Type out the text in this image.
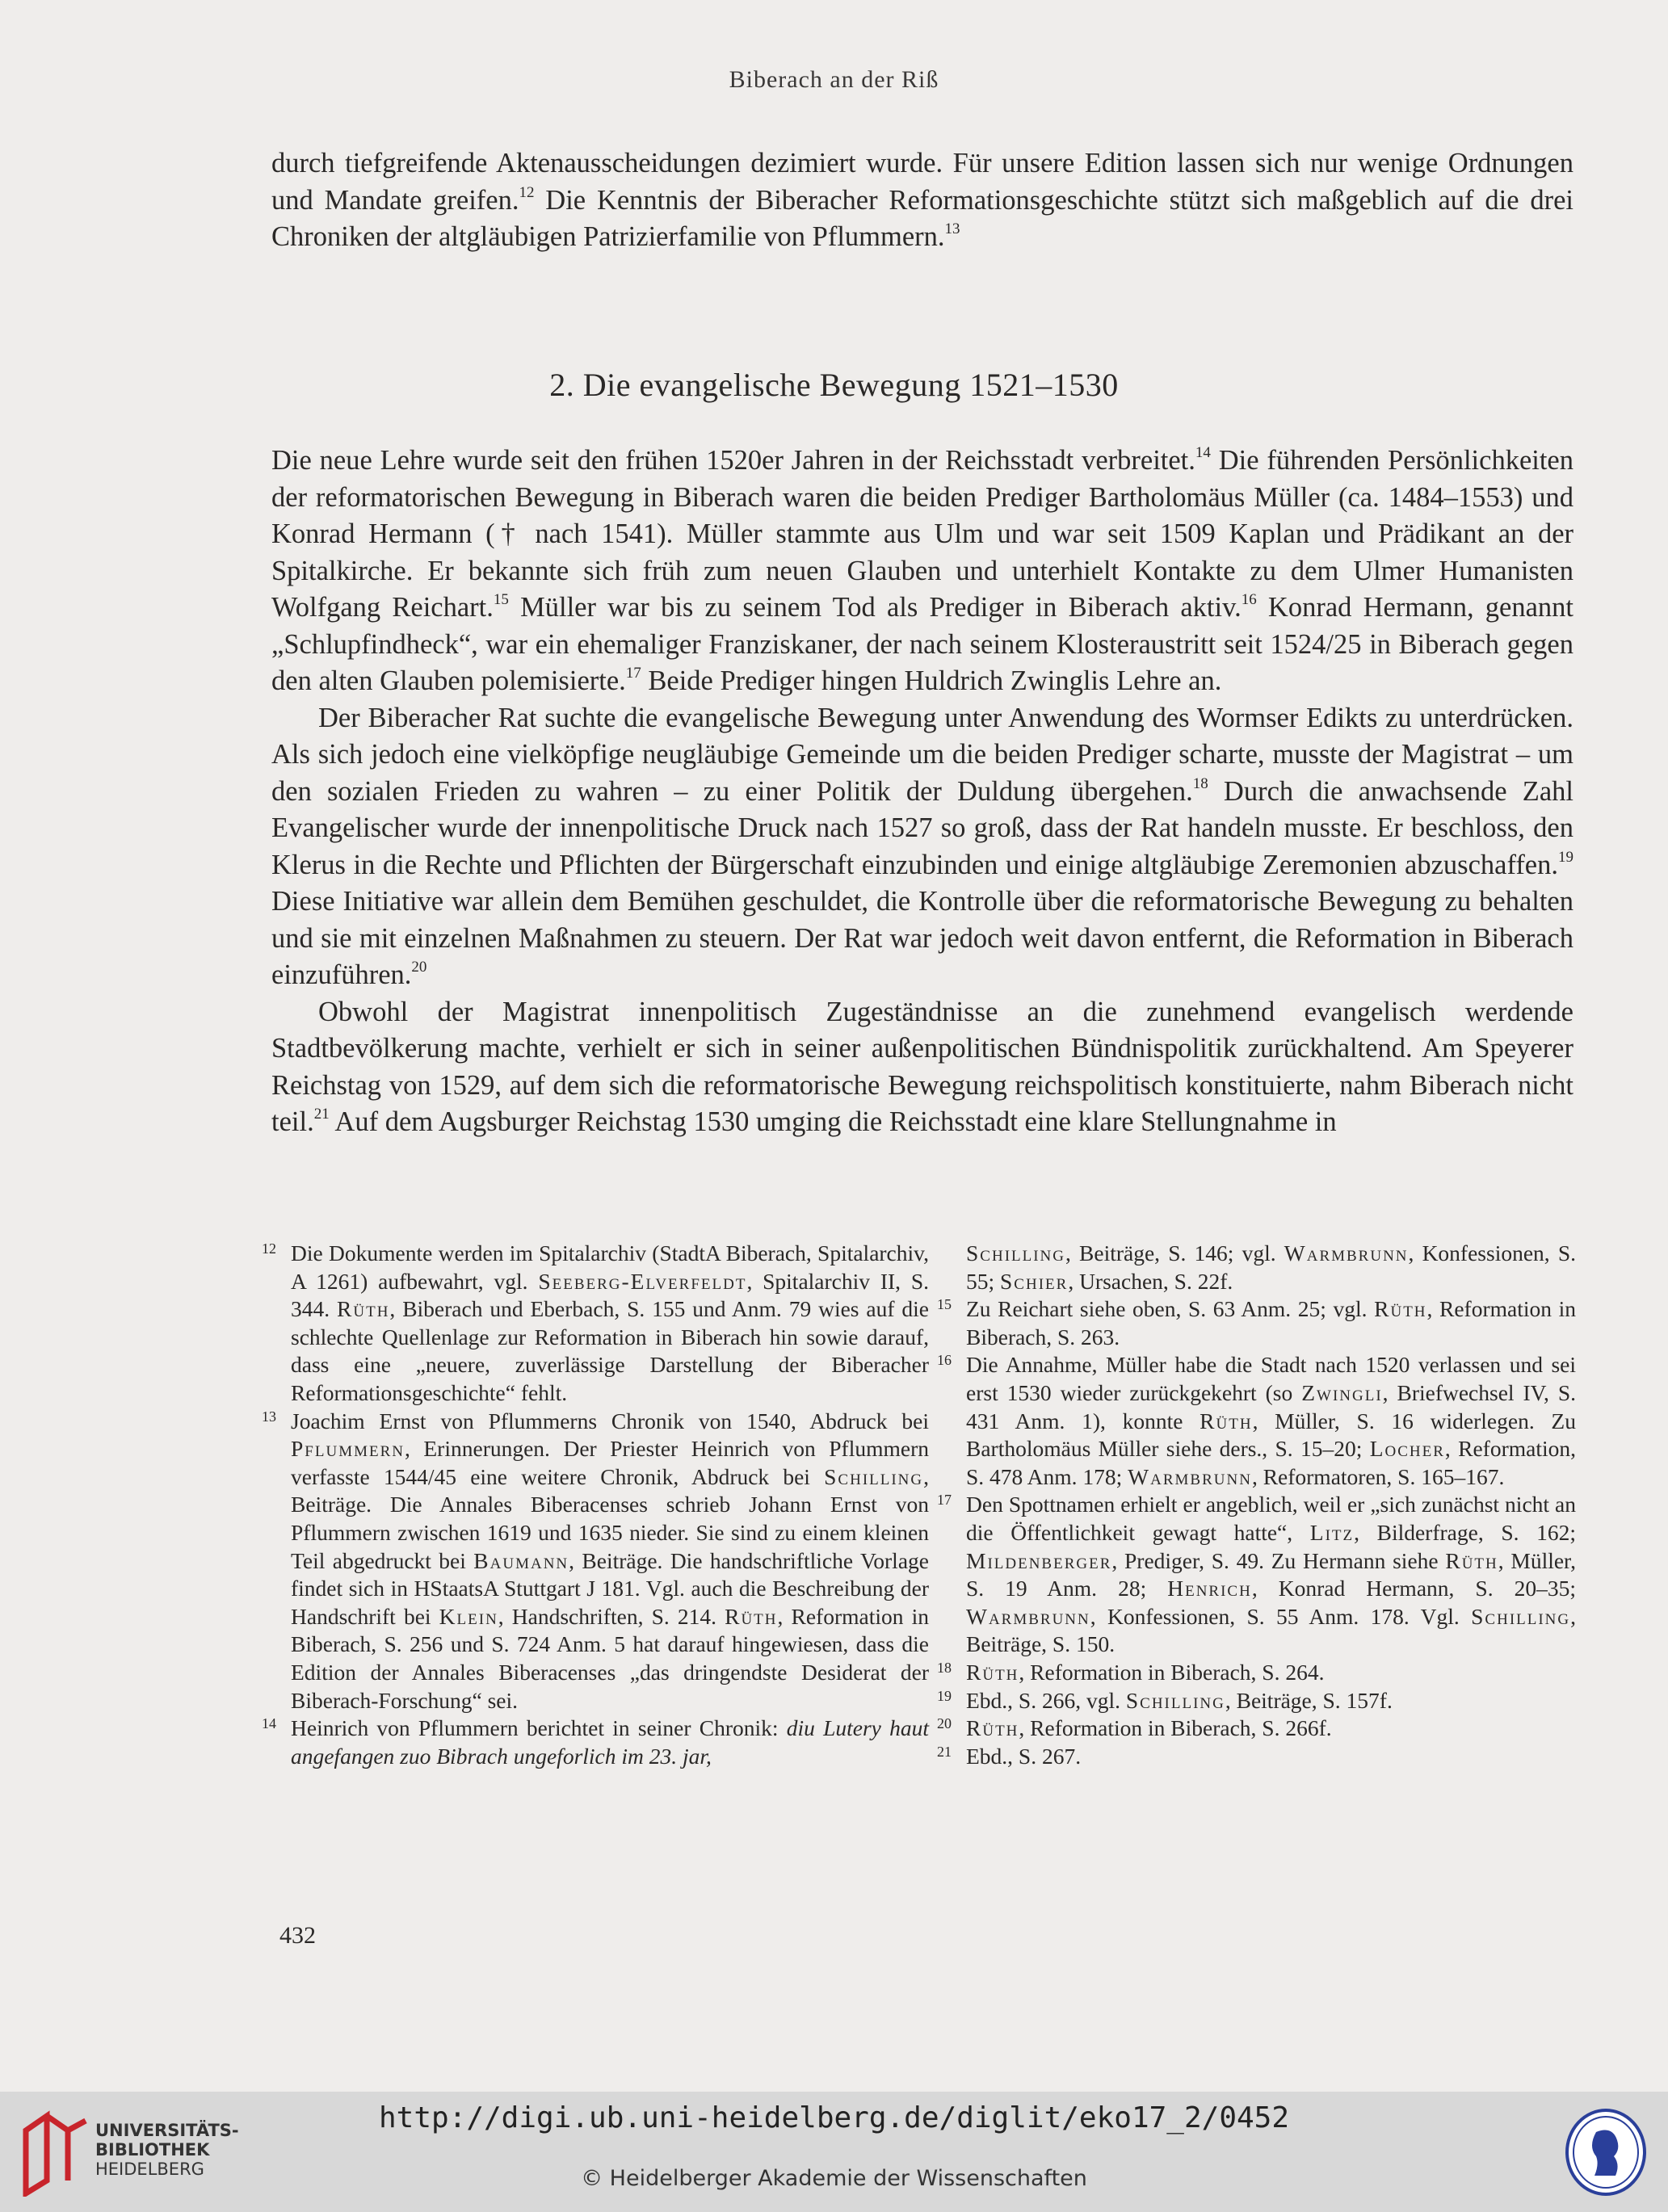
Biberach an der Riß

durch tiefgreifende Aktenausscheidungen dezimiert wurde. Für unsere Edition lassen sich nur wenige Ordnungen und Mandate greifen.$^{12}$ Die Kenntnis der Biberacher Reformationsgeschichte stützt sich maßgeblich auf die drei Chroniken der altgläubigen Patrizierfamilie von Pflummern.$^{13}$

2. Die evangelische Bewegung 1521–1530

Die neue Lehre wurde seit den frühen 1520er Jahren in der Reichsstadt verbreitet.$^{14}$ Die führenden Persönlichkeiten der reformatorischen Bewegung in Biberach waren die beiden Prediger Bartholomäus Müller (ca. 1484–1553) und Konrad Hermann († nach 1541). Müller stammte aus Ulm und war seit 1509 Kaplan und Prädikant an der Spitalkirche. Er bekannte sich früh zum neuen Glauben und unterhielt Kontakte zu dem Ulmer Humanisten Wolfgang Reichart.$^{15}$ Müller war bis zu seinem Tod als Prediger in Biberach aktiv.$^{16}$ Konrad Hermann, genannt „Schlupfindheck“, war ein ehemaliger Franziskaner, der nach seinem Klosteraustritt seit 1524/25 in Biberach gegen den alten Glauben polemisierte.$^{17}$ Beide Prediger hingen Huldrich Zwinglis Lehre an.

Der Biberacher Rat suchte die evangelische Bewegung unter Anwendung des Wormser Edikts zu unterdrücken. Als sich jedoch eine vielköpfige neugläubige Gemeinde um die beiden Prediger scharte, musste der Magistrat – um den sozialen Frieden zu wahren – zu einer Politik der Duldung übergehen.$^{18}$ Durch die anwachsende Zahl Evangelischer wurde der innenpolitische Druck nach 1527 so groß, dass der Rat handeln musste. Er beschloss, den Klerus in die Rechte und Pflichten der Bürgerschaft einzubinden und einige altgläubige Zeremonien abzuschaffen.$^{19}$ Diese Initiative war allein dem Bemühen geschuldet, die Kontrolle über die reformatorische Bewegung zu behalten und sie mit einzelnen Maßnahmen zu steuern. Der Rat war jedoch weit davon entfernt, die Reformation in Biberach einzuführen.$^{20}$

Obwohl der Magistrat innenpolitisch Zugeständnisse an die zunehmend evangelisch werdende Stadtbevölkerung machte, verhielt er sich in seiner außenpolitischen Bündnispolitik zurückhaltend. Am Speyerer Reichstag von 1529, auf dem sich die reformatorische Bewegung reichspolitisch konstituierte, nahm Biberach nicht teil.$^{21}$ Auf dem Augsburger Reichstag 1530 umging die Reichsstadt eine klare Stellungnahme in

12 Die Dokumente werden im Spitalarchiv (StadtA Biberach, Spitalarchiv, A 1261) aufbewahrt, vgl. Seeberg-Elverfeldt, Spitalarchiv II, S. 344. Rüth, Biberach und Eberbach, S. 155 und Anm. 79 wies auf die schlechte Quellenlage zur Reformation in Biberach hin sowie darauf, dass eine „neuere, zuverlässige Darstellung der Biberacher Reformationsgeschichte“ fehlt.

13 Joachim Ernst von Pflummerns Chronik von 1540, Abdruck bei Pflummern, Erinnerungen. Der Priester Heinrich von Pflummern verfasste 1544/45 eine weitere Chronik, Abdruck bei Schilling, Beiträge. Die Annales Biberacenses schrieb Johann Ernst von Pflummern zwischen 1619 und 1635 nieder. Sie sind zu einem kleinen Teil abgedruckt bei Baumann, Beiträge. Die handschriftliche Vorlage findet sich in HStaatsA Stuttgart J 181. Vgl. auch die Beschreibung der Handschrift bei Klein, Handschriften, S. 214. Rüth, Reformation in Biberach, S. 256 und S. 724 Anm. 5 hat darauf hingewiesen, dass die Edition der Annales Biberacenses „das dringendste Desiderat der Biberach-Forschung“ sei.

14 Heinrich von Pflummern berichtet in seiner Chronik: diu Lutery haut angefangen zuo Bibrach ungeforlich im 23. jar,

Schilling, Beiträge, S. 146; vgl. Warmbrunn, Konfessionen, S. 55; Schier, Ursachen, S. 22f.

15 Zu Reichart siehe oben, S. 63 Anm. 25; vgl. Rüth, Reformation in Biberach, S. 263.

16 Die Annahme, Müller habe die Stadt nach 1520 verlassen und sei erst 1530 wieder zurückgekehrt (so Zwingli, Briefwechsel IV, S. 431 Anm. 1), konnte Rüth, Müller, S. 16 widerlegen. Zu Bartholomäus Müller siehe ders., S. 15–20; Locher, Reformation, S. 478 Anm. 178; Warmbrunn, Reformatoren, S. 165–167.

17 Den Spottnamen erhielt er angeblich, weil er „sich zunächst nicht an die Öffentlichkeit gewagt hatte“, Litz, Bilderfrage, S. 162; Mildenberger, Prediger, S. 49. Zu Hermann siehe Rüth, Müller, S. 19 Anm. 28; Henrich, Konrad Hermann, S. 20–35; Warmbrunn, Konfessionen, S. 55 Anm. 178. Vgl. Schilling, Beiträge, S. 150.

18 Rüth, Reformation in Biberach, S. 264.

19 Ebd., S. 266, vgl. Schilling, Beiträge, S. 157f.

20 Rüth, Reformation in Biberach, S. 266f.

21 Ebd., S. 267.

432
UNIVERSITÄTS-
BIBLIOTHEK
HEIDELBERG
http://digi.ub.uni-heidelberg.de/diglit/eko17_2/0452
© Heidelberger Akademie der Wissenschaften
